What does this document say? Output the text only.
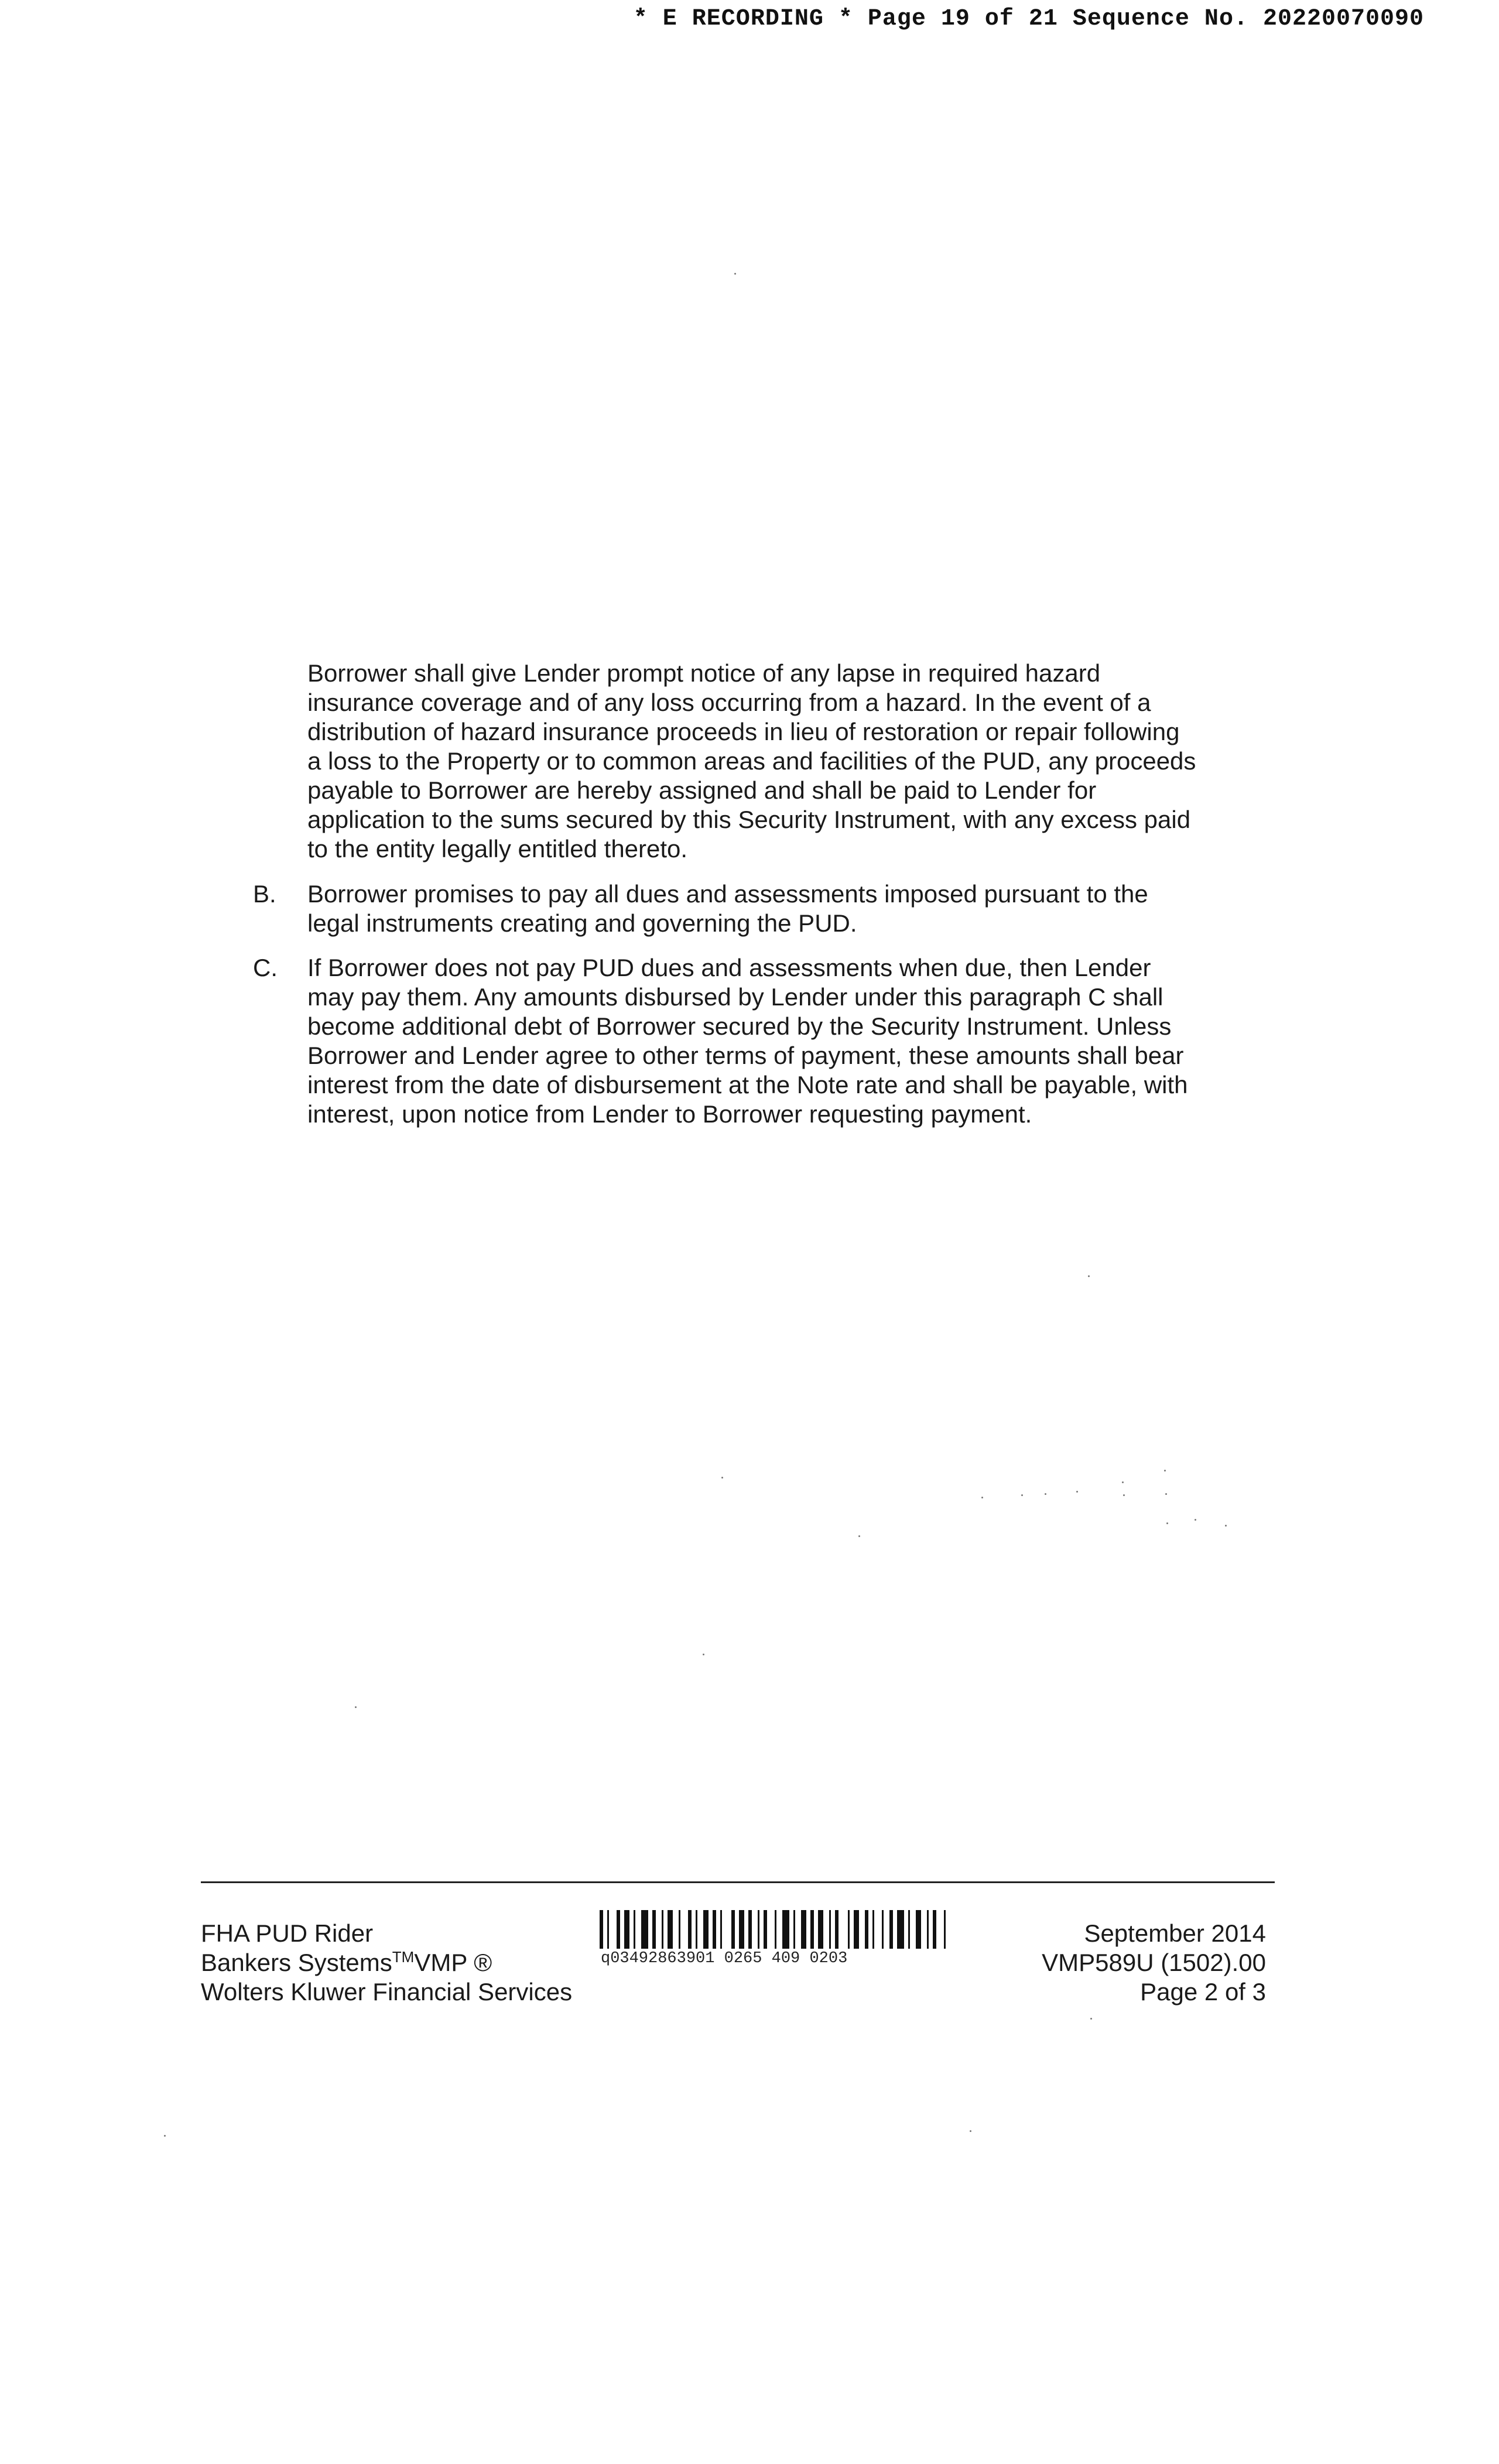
* E RECORDING * Page 19 of 21 Sequence No. 20220070090

Borrower shall give Lender prompt notice of any lapse in required hazard insurance coverage and of any loss occurring from a hazard. In the event of a distribution of hazard insurance proceeds in lieu of restoration or repair following a loss to the Property or to common areas and facilities of the PUD, any proceeds payable to Borrower are hereby assigned and shall be paid to Lender for application to the sums secured by this Security Instrument, with any excess paid to the entity legally entitled thereto.

B.	Borrower promises to pay all dues and assessments imposed pursuant to the legal instruments creating and governing the PUD.

C.	If Borrower does not pay PUD dues and assessments when due, then Lender may pay them. Any amounts disbursed by Lender under this paragraph C shall become additional debt of Borrower secured by the Security Instrument. Unless Borrower and Lender agree to other terms of payment, these amounts shall bear interest from the date of disbursement at the Note rate and shall be payable, with interest, upon notice from Lender to Borrower requesting payment.

FHA PUD Rider
Bankers Systems™VMP ®
Wolters Kluwer Financial Services
q03492863901 0265 409 0203
September 2014
VMP589U (1502).00
Page 2 of 3
